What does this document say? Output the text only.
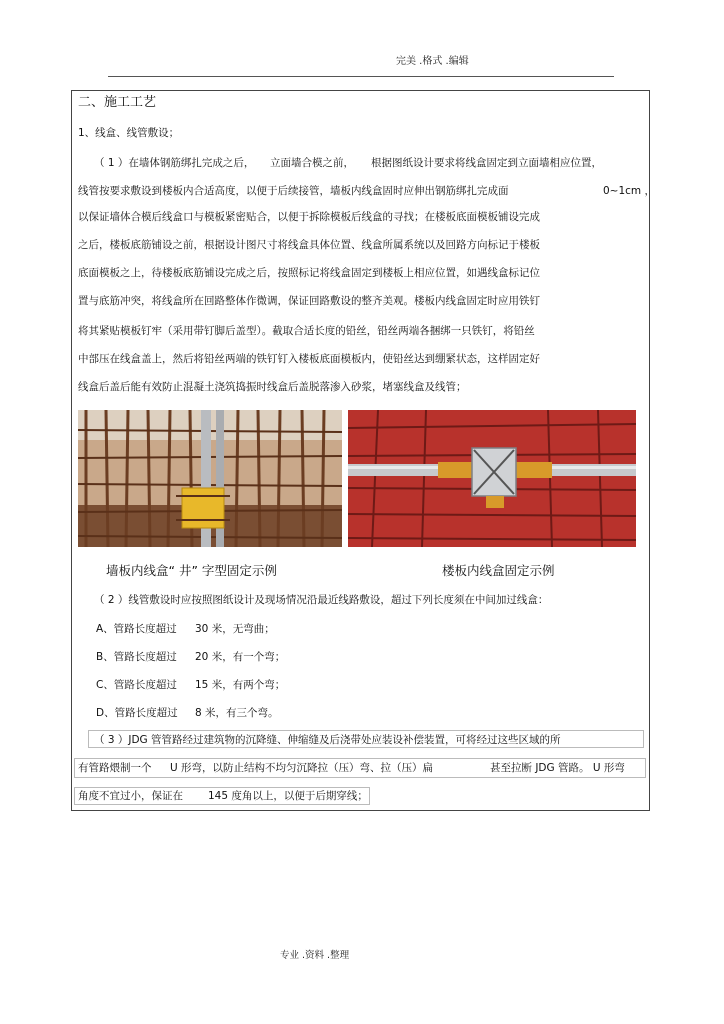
完美 .格式 .编辑
二、施工工艺
1、线盒、线管敷设；
（ 1 ）在墙体钢筋绑扎完成之后， 立面墙合模之前， 根据图纸设计要求将线盒固定到立面墙相应位置，
线管按要求敷设到楼板内合适高度，以便于后续接管，墙板内线盒固时应伸出钢筋绑扎完成面	0~1cm ，
以保证墙体合模后线盒口与模板紧密贴合，以便于拆除模板后线盒的寻找；在楼板底面模板铺设完成
之后，楼板底筋铺设之前，根据设计图尺寸将线盒具体位置、线盒所属系统以及回路方向标记于楼板
底面模板之上，待楼板底筋铺设完成之后，按照标记将线盒固定到楼板上相应位置，如遇线盒标记位
置与底筋冲突，将线盒所在回路整体作微调，保证回路敷设的整齐美观。楼板内线盒固定时应用铁钉
将其紧贴模板钉牢（采用带钉脚后盖型）。截取合适长度的铅丝，铅丝两端各捆绑一只铁钉，将铅丝
中部压在线盒盖上，然后将铅丝两端的铁钉钉入楼板底面模板内，使铅丝达到绷紧状态，这样固定好
线盒后盖后能有效防止混凝土浇筑捣振时线盒后盖脱落渗入砂浆，堵塞线盒及线管；
墙板内线盒“ 井” 字型固定示例	楼板内线盒固定示例
（ 2 ）线管敷设时应按照图纸设计及现场情况沿最近线路敷设，超过下列长度须在中间加过线盒：
A、管路长度超过 30 米，无弯曲；
B、管路长度超过 20 米，有一个弯；
C、管路长度超过 15 米，有两个弯；
D、管路长度超过 8 米，有三个弯。
（ 3 ）JDG 管管路经过建筑物的沉降缝、伸缩缝及后浇带处应装设补偿装置，可将经过这些区域的所
有管路煨制一个 U 形弯，以防止结构不均匀沉降拉（压）弯、拉（压）扁	甚至拉断 JDG 管路。 U 形弯
角度不宜过小，保证在 145 度角以上，以便于后期穿线；
专业 .资料 .整理
